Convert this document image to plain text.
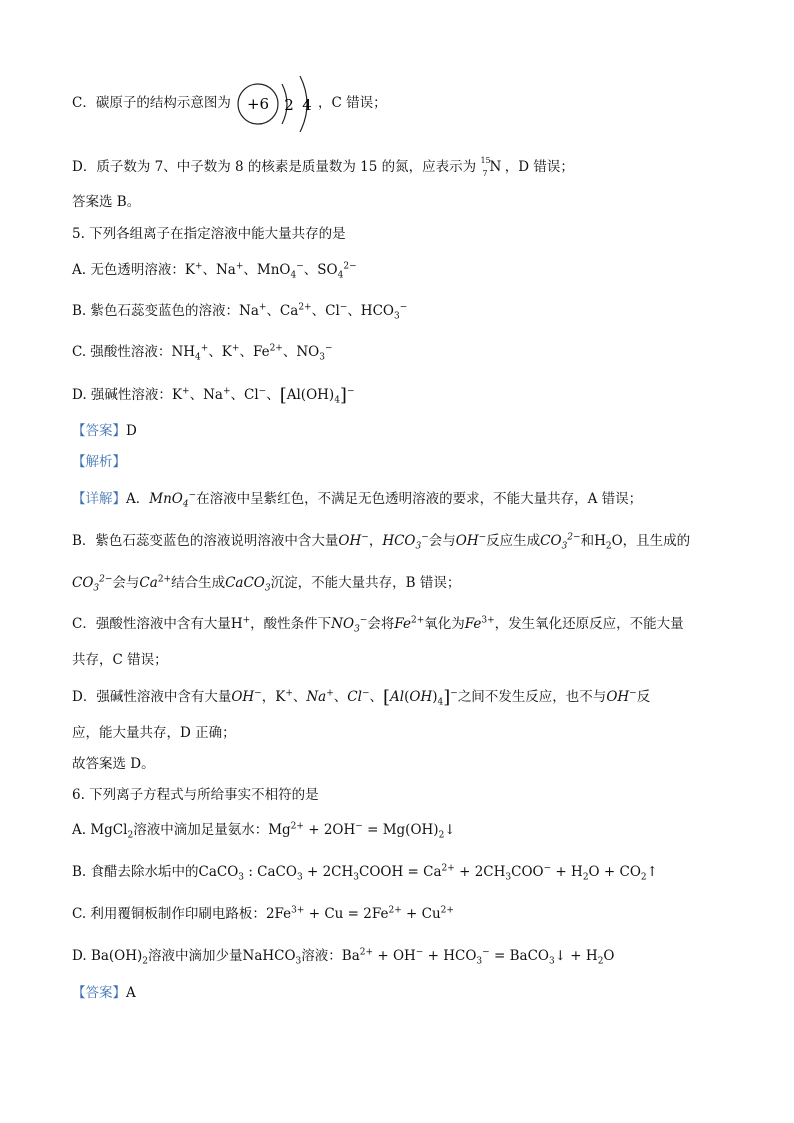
C．碳原子的结构示意图为 +6 2 4 ，C 错误；
D．质子数为 7、中子数为 8 的核素是质量数为 15 的氮，应表示为 15
7 N ，D 错误；
答案选 B。
5. 下列各组离子在指定溶液中能大量共存的是
A. 无色透明溶液：K+、Na+、MnO$_4$−、$SO_4^{2-}$
B. 紫色石蕊变蓝色的溶液：Na+、$Ca^{2+}$、Cl−、$HCO_3^-$
C. 强酸性溶液：$NH_4^+$、K+、$Fe^{2+}$、$NO_3^-$
D. 强碱性溶液：K+、Na+、Cl−、$[Al(OH)_4]^-$
【答案】D
【解析】
【详解】A．MnO$_4$−在溶液中呈紫红色，不满足无色透明溶液的要求，不能大量共存，A 错误；
B．紫色石蕊变蓝色的溶液说明溶液中含大量OH−，$HCO_3^-$会与OH−反应生成$CO_3^{2-}$和$H_2O$，且生成的
$CO_3^{2-}$会与$Ca^{2+}$结合生成CaCO$_3$沉淀，不能大量共存，B 错误；
C．强酸性溶液中含有大量H+，酸性条件下$NO_3^-$会将$Fe^{2+}$氧化为$Fe^{3+}$，发生氧化还原反应，不能大量
共存，C 错误；
D．强碱性溶液中含有大量OH−，K+、Na+、Cl−、$[Al(OH)_4]^-$之间不发生反应，也不与OH−反
应，能大量共存，D 正确；
故答案选 D。
6. 下列离子方程式与所给事实不相符的是
A. MgCl$_2$溶液中滴加足量氨水：$Mg^{2+} + 2OH^-$ = $Mg(OH)_2↓$
B. 食醋去除水垢中的CaCO$_3$ : CaCO$_3$ + $2CH_3COOH = Ca^{2+} + 2CH_3COO^- + H_2O$ + $CO_2↑$
C. 利用覆铜板制作印刷电路板：$2Fe^{3+} + Cu = 2Fe^{2+} + Cu^{2+}$
D. $Ba(OH)_2$溶液中滴加少量NaHCO$_3$溶液：$Ba^{2+} + OH^- + HCO_3^-$ = BaCO$_3$↓ + $H_2O$
【答案】A
